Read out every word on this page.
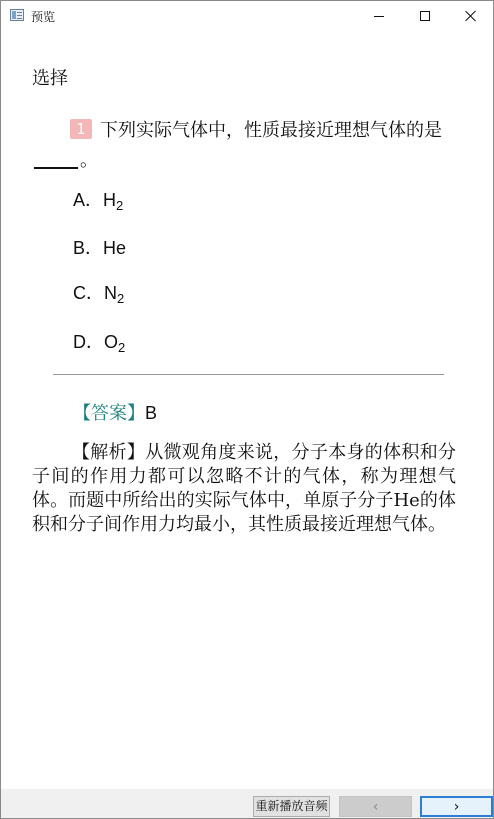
预览
选择
1 下列实际气体中，性质最接近理想气体的是。
A．$H_2$
B．He
C．$N_2$
D．$O_2$
【答案】B
【解析】从微观角度来说，分子本身的体积和分子间的作用力都可以忽略不计的气体，称为理想气体。而题中所给出的实际气体中，单原子分子He的体积和分子间作用力均最小，其性质最接近理想气体。
重新播放音频	‹	›
